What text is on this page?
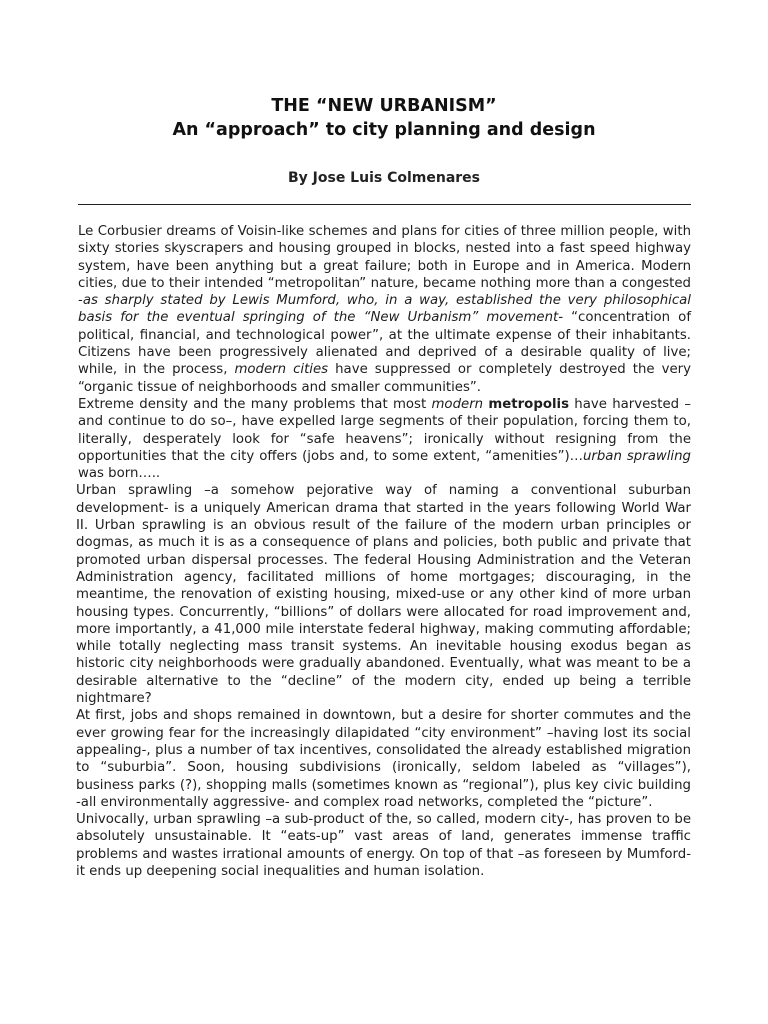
THE “NEW URBANISM”

An “approach” to city planning and design

By Jose Luis Colmenares

Le Corbusier dreams of Voisin-like schemes and plans for cities of three million people, with sixty stories skyscrapers and housing grouped in blocks, nested into a fast speed highway system, have been anything but a great failure; both in Europe and in America. Modern cities, due to their intended “metropolitan” nature, became nothing more than a congested -as sharply stated by Lewis Mumford, who, in a way, established the very philosophical basis for the eventual springing of the “New Urbanism” movement- “concentration of political, financial, and technological power”, at the ultimate expense of their inhabitants. Citizens have been progressively alienated and deprived of a desirable quality of live; while, in the process, modern cities have suppressed or completely destroyed the very “organic tissue of neighborhoods and smaller communities”.

Extreme density and the many problems that most modern metropolis have harvested –and continue to do so–, have expelled large segments of their population, forcing them to, literally, desperately look for “safe heavens”; ironically without resigning from the opportunities that the city offers (jobs and, to some extent, “amenities”)…urban sprawling was born…..

Urban sprawling –a somehow pejorative way of naming a conventional suburban development- is a uniquely American drama that started in the years following World War II. Urban sprawling is an obvious result of the failure of the modern urban principles or dogmas, as much it is as a consequence of plans and policies, both public and private that promoted urban dispersal processes. The federal Housing Administration and the Veteran Administration agency, facilitated millions of home mortgages; discouraging, in the meantime, the renovation of existing housing, mixed-use or any other kind of more urban housing types. Concurrently, “billions” of dollars were allocated for road improvement and, more importantly, a 41,000 mile interstate federal highway, making commuting affordable; while totally neglecting mass transit systems. An inevitable housing exodus began as historic city neighborhoods were gradually abandoned. Eventually, what was meant to be a desirable alternative to the “decline” of the modern city, ended up being a terrible nightmare?

At first, jobs and shops remained in downtown, but a desire for shorter commutes and the ever growing fear for the increasingly dilapidated “city environment” –having lost its social appealing-, plus a number of tax incentives, consolidated the already established migration to “suburbia”. Soon, housing subdivisions (ironically, seldom labeled as “villages”), business parks (?), shopping malls (sometimes known as “regional”), plus key civic building -all environmentally aggressive- and complex road networks, completed the “picture”.

Univocally, urban sprawling –a sub-product of the, so called, modern city-, has proven to be absolutely unsustainable. It “eats-up” vast areas of land, generates immense traffic problems and wastes irrational amounts of energy. On top of that –as foreseen by Mumford- it ends up deepening social inequalities and human isolation.
